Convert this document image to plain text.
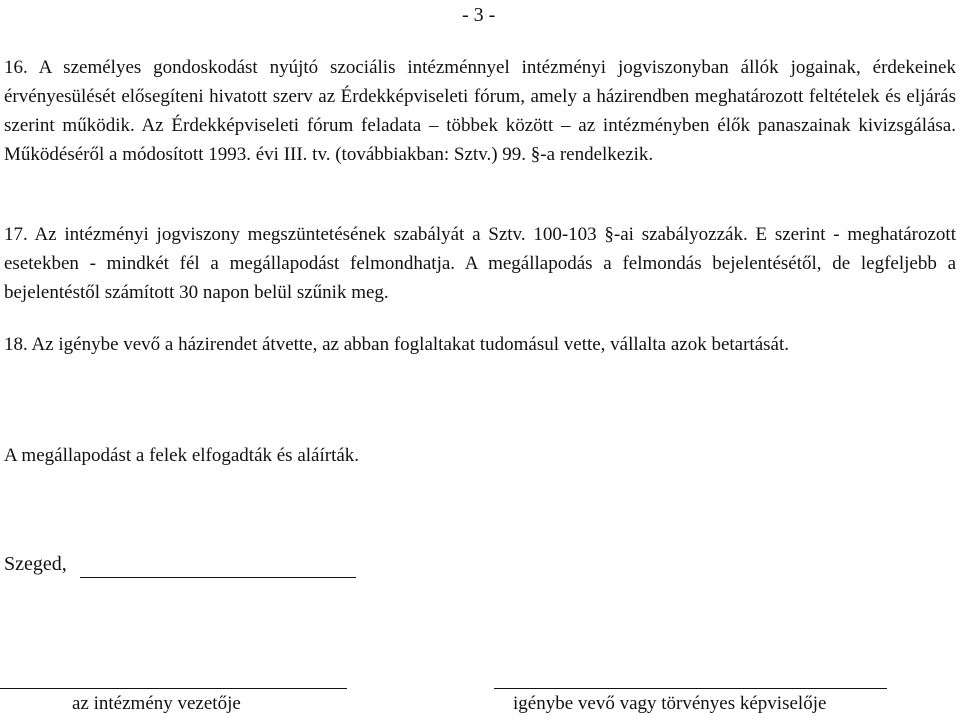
- 3 -

16. A személyes gondoskodást nyújtó szociális intézménnyel intézményi jogviszonyban állók jogainak, érdekeinek érvényesülését elősegíteni hivatott szerv az Érdekképviseleti fórum, amely a házirendben meghatározott feltételek és eljárás szerint működik. Az Érdekképviseleti fórum feladata – többek között – az intézményben élők panaszainak kivizsgálása. Működéséről a módosított 1993. évi III. tv. (továbbiakban: Sztv.) 99. §-a rendelkezik.

17. Az intézményi jogviszony megszüntetésének szabályát a Sztv. 100-103 §-ai szabályozzák. E szerint - meghatározott esetekben - mindkét fél a megállapodást felmondhatja. A megállapodás a felmondás bejelentésétől, de legfeljebb a bejelentéstől számított 30 napon belül szűnik meg.

18. Az igénybe vevő a házirendet átvette, az abban foglaltakat tudomásul vette, vállalta azok betartását.

A megállapodást a felek elfogadták és aláírták.

Szeged,
az intézmény vezetője	igénybe vevő vagy törvényes képviselője
